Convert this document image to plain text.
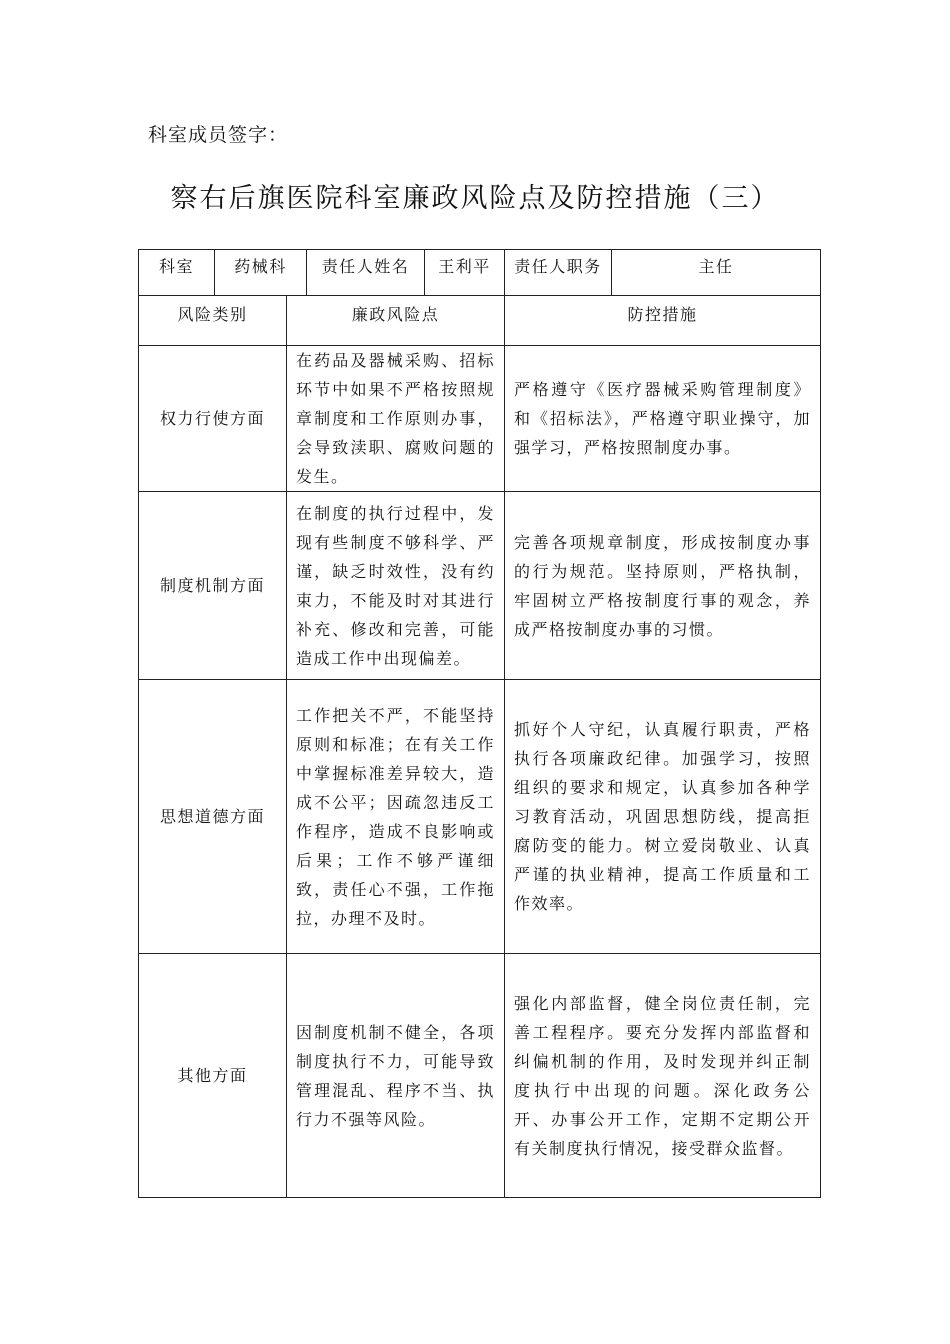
科室成员签字：
察右后旗医院科室廉政风险点及防控措施（三）
科室	药械科		责任人姓名	王利平	责任人职务	主任
风险类别		廉政风险点			防控措施	
权力行使方面		在药品及器械采购、招标环节中如果不严格按照规章制度和工作原则办事，会导致渎职、腐败问题的发生。			严格遵守《医疗器械采购管理制度》和《招标法》，严格遵守职业操守，加强学习，严格按照制度办事。	
制度机制方面		在制度的执行过程中，发现有些制度不够科学、严谨，缺乏时效性，没有约束力，不能及时对其进行补充、修改和完善，可能造成工作中出现偏差。			完善各项规章制度，形成按制度办事的行为规范。坚持原则，严格执制，牢固树立严格按制度行事的观念，养成严格按制度办事的习惯。	
思想道德方面		工作把关不严，不能坚持原则和标准；在有关工作中掌握标准差异较大，造成不公平；因疏忽违反工作程序，造成不良影响或后果；工作不够严谨细致，责任心不强，工作拖拉，办理不及时。			抓好个人守纪，认真履行职责，严格执行各项廉政纪律。加强学习，按照组织的要求和规定，认真参加各种学习教育活动，巩固思想防线，提高拒腐防变的能力。树立爱岗敬业、认真严谨的执业精神，提高工作质量和工作效率。	
其他方面		因制度机制不健全，各项制度执行不力，可能导致管理混乱、程序不当、执行力不强等风险。			强化内部监督，健全岗位责任制，完善工程程序。要充分发挥内部监督和纠偏机制的作用，及时发现并纠正制度执行中出现的问题。深化政务公开、办事公开工作，定期不定期公开有关制度执行情况，接受群众监督。	
